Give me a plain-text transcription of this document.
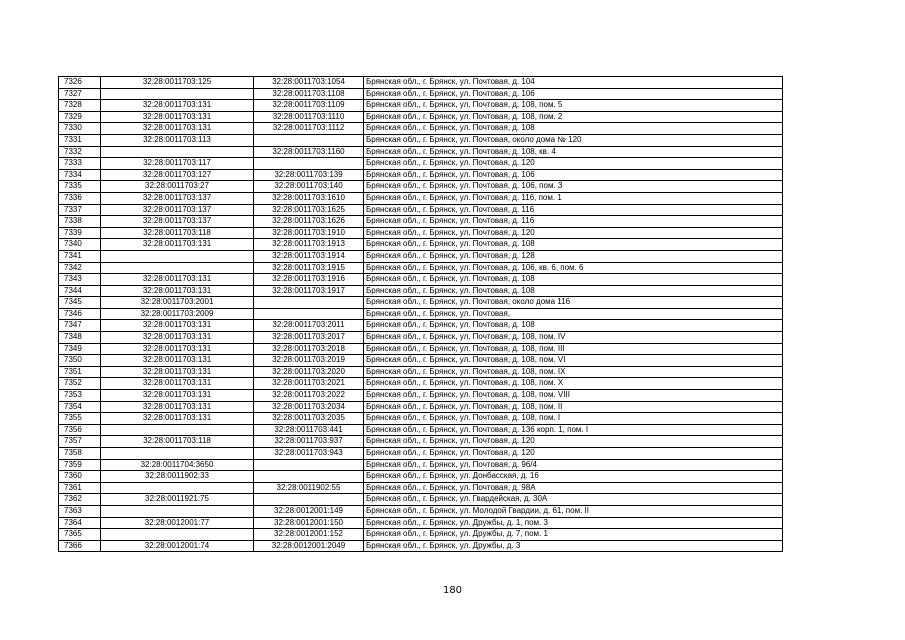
7326	32:28:0011703:125	32:28:0011703:1054	Брянская обл., г. Брянск, ул. Почтовая, д. 104
7327		32:28:0011703:1108	Брянская обл., г. Брянск, ул. Почтовая, д. 106
7328	32:28:0011703:131	32:28:0011703:1109	Брянская обл., г. Брянск, ул. Почтовая, д. 108, пом. 5
7329	32:28:0011703:131	32:28:0011703:1110	Брянская обл., г. Брянск, ул. Почтовая, д. 108, пом. 2
7330	32:28:0011703:131	32:28:0011703:1112	Брянская обл., г. Брянск, ул. Почтовая, д. 108
7331	32:28:0011703:113		Брянская обл., г. Брянск, ул. Почтовая, около дома № 120
7332		32:28:0011703:1160	Брянская обл., г. Брянск, ул. Почтовая, д. 108, кв. 4
7333	32:28:0011703:117		Брянская обл., г. Брянск, ул. Почтовая, д. 120
7334	32:28:0011703:127	32:28:0011703:139	Брянская обл., г. Брянск, ул. Почтовая, д. 106
7335	32:28:0011703:27	32:28:0011703:140	Брянская обл., г. Брянск, ул. Почтовая, д. 106, пом. 3
7336	32:28:0011703:137	32:28:0011703:1610	Брянская обл., г. Брянск, ул. Почтовая, д. 116, пом. 1
7337	32:28:0011703:137	32:28:0011703:1625	Брянская обл., г. Брянск, ул. Почтовая, д. 116
7338	32:28:0011703:137	32:28:0011703:1626	Брянская обл., г. Брянск, ул. Почтовая, д. 116
7339	32:28:0011703:118	32:28:0011703:1910	Брянская обл., г. Брянск, ул. Почтовая, д. 120
7340	32:28:0011703:131	32:28:0011703:1913	Брянская обл., г. Брянск, ул. Почтовая, д. 108
7341		32:28:0011703:1914	Брянская обл., г. Брянск, ул. Почтовая, д. 128
7342		32:28:0011703:1915	Брянская обл., г. Брянск, ул. Почтовая, д. 106, кв. 6, пом. 6
7343	32:28:0011703:131	32:28:0011703:1916	Брянская обл., г. Брянск, ул. Почтовая, д. 108
7344	32:28:0011703:131	32:28:0011703:1917	Брянская обл., г. Брянск, ул. Почтовая, д. 108
7345	32:28:0011703:2001		Брянская обл., г. Брянск, ул. Почтовая, около дома 116
7346	32:28:0011703:2009		Брянская обл., г. Брянск, ул. Почтовая,
7347	32:28:0011703:131	32:28:0011703:2011	Брянская обл., г. Брянск, ул. Почтовая, д. 108
7348	32:28:0011703:131	32:28:0011703:2017	Брянская обл., г. Брянск, ул. Почтовая, д. 108, пом. IV
7349	32:28:0011703:131	32:28:0011703:2018	Брянская обл., г. Брянск, ул. Почтовая, д. 108, пом. III
7350	32:28:0011703:131	32:28:0011703:2019	Брянская обл., г. Брянск, ул. Почтовая, д. 108, пом. VI
7351	32:28:0011703:131	32:28:0011703:2020	Брянская обл., г. Брянск, ул. Почтовая, д. 108, пом. IX
7352	32:28:0011703:131	32:28:0011703:2021	Брянская обл., г. Брянск, ул. Почтовая, д. 108, пом. X
7353	32:28:0011703:131	32:28:0011703:2022	Брянская обл., г. Брянск, ул. Почтовая, д. 108, пом. VIII
7354	32:28:0011703:131	32:28:0011703:2034	Брянская обл., г. Брянск, ул. Почтовая, д. 108, пом. II
7355	32:28:0011703:131	32:28:0011703:2035	Брянская обл., г. Брянск, ул. Почтовая, д. 108, пом. I
7356		32:28:0011703:441	Брянская обл., г. Брянск, ул. Почтовая, д. 136 корп. 1, пом. I
7357	32:28:0011703:118	32:28:0011703:937	Брянская обл., г. Брянск, ул. Почтовая, д. 120
7358		32:28:0011703:943	Брянская обл., г. Брянск, ул. Почтовая, д. 120
7359	32:28:0011704:3650		Брянская обл., г. Брянск, ул. Почтовая, д. 96/4
7360	32:28:0011902:33		Брянская обл., г. Брянск, ул. Донбасская, д. 16
7361		32:28:0011902:55	Брянская обл., г. Брянск, ул. Почтовая, д. 98А
7362	32:28:0011921:75		Брянская обл., г. Брянск, ул. Гвардейская, д. 30А
7363		32:28:0012001:149	Брянская обл., г. Брянск, ул. Молодой Гвардии, д. 61, пом. II
7364	32:28:0012001:77	32:28:0012001:150	Брянская обл., г. Брянск, ул. Дружбы, д. 1, пом. 3
7365		32:28:0012001:152	Брянская обл., г. Брянск, ул. Дружбы, д. 7, пом. 1
7366	32:28:0012001:74	32:28:0012001:2049	Брянская обл., г. Брянск, ул. Дружбы, д. 3
180
